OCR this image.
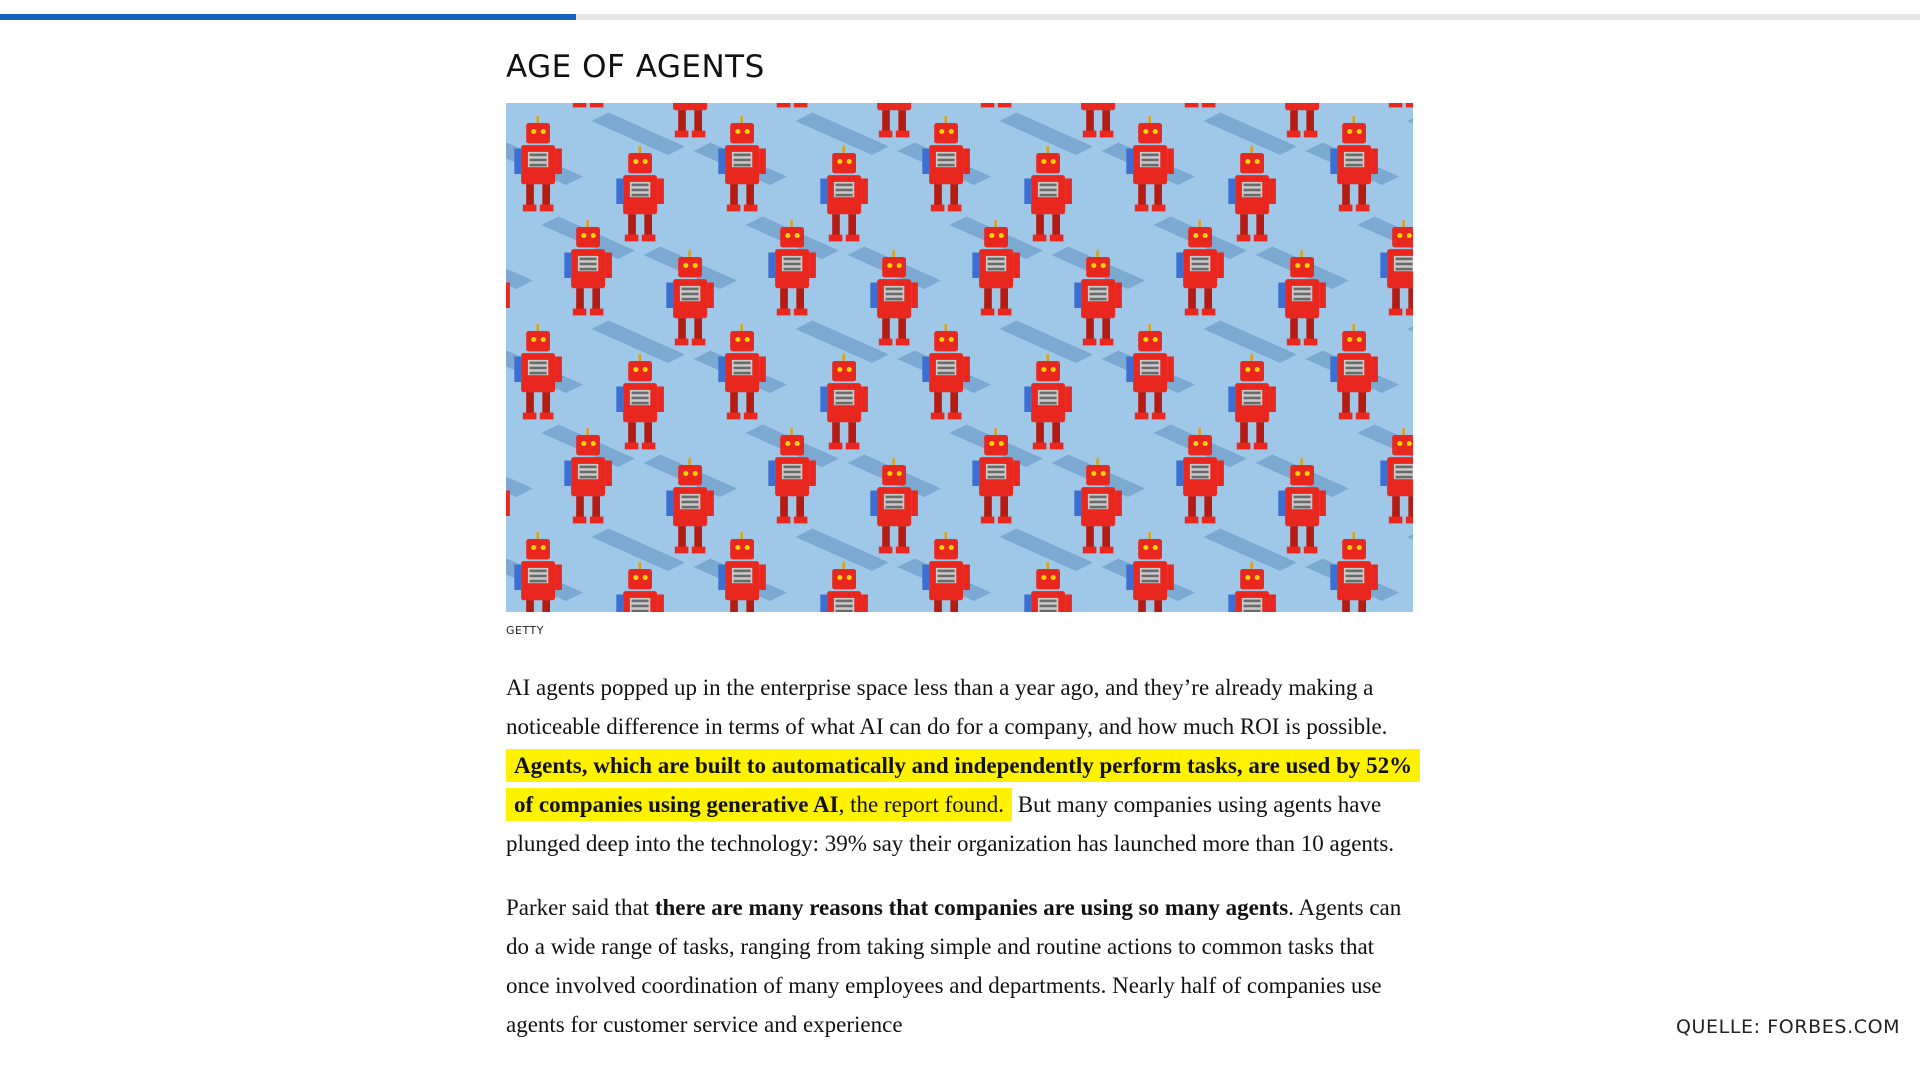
AGE OF AGENTS
GETTY

AI agents popped up in the enterprise space less than a year ago, and they’re already making a noticeable difference in terms of what AI can do for a company, and how much ROI is possible. Agents, which are built to automatically and independently perform tasks, are used by 52% of companies using generative AI, the report found. But many companies using agents have plunged deep into the technology: 39% say their organization has launched more than 10 agents.

Parker said that there are many reasons that companies are using so many agents. Agents can do a wide range of tasks, ranging from taking simple and routine actions to common tasks that once involved coordination of many employees and departments. Nearly half of companies use agents for customer service and experience	QUELLE: FORBES.COM
